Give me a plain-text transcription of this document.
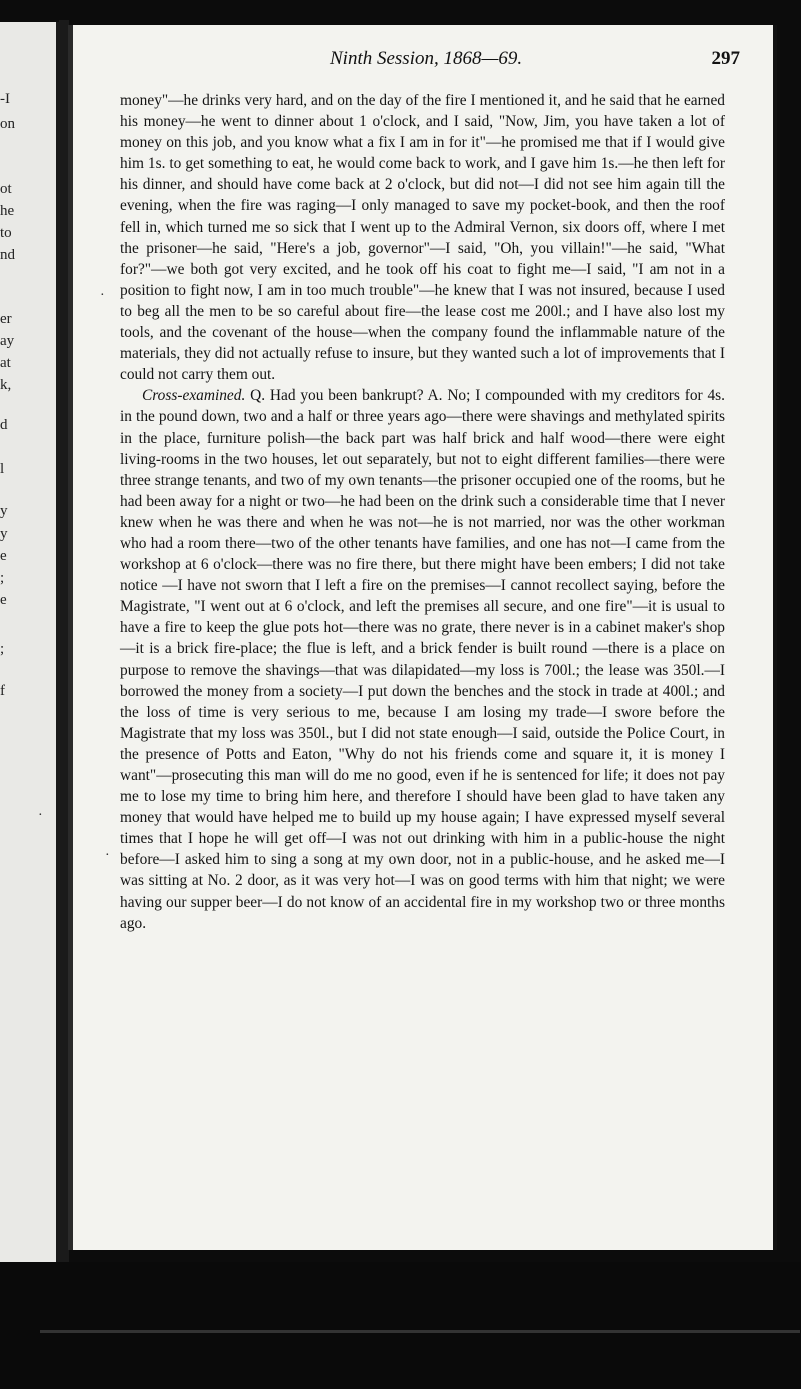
-I
on
ot
he
to
nd
er
ay
at
k,
d
l
y
y
e
;
e
;
f
Ninth Session, 1868—69.	297

money"—he drinks very hard, and on the day of the fire I mentioned it, and he said that he earned his money—he went to dinner about 1 o'clock, and I said, "Now, Jim, you have taken a lot of money on this job, and you know what a fix I am in for it"—he promised me that if I would give him 1s. to get something to eat, he would come back to work, and I gave him 1s.—he then left for his dinner, and should have come back at 2 o'clock, but did not—I did not see him again till the evening, when the fire was raging—I only managed to save my pocket-book, and then the roof fell in, which turned me so sick that I went up to the Admiral Vernon, six doors off, where I met the prisoner—he said, "Here's a job, governor"—I said, "Oh, you villain!"—he said, "What for?"—we both got very excited, and he took off his coat to fight me—I said, "I am not in a position to fight now, I am in too much trouble"—he knew that I was not insured, because I used to beg all the men to be so careful about fire—the lease cost me 200l.; and I have also lost my tools, and the covenant of the house—when the company found the inflammable nature of the materials, they did not actually refuse to insure, but they wanted such a lot of improvements that I could not carry them out.

Cross-examined. Q. Had you been bankrupt? A. No; I compounded with my creditors for 4s. in the pound down, two and a half or three years ago—there were shavings and methylated spirits in the place, furniture polish—the back part was half brick and half wood—there were eight living-rooms in the two houses, let out separately, but not to eight different families—there were three strange tenants, and two of my own tenants—the prisoner occupied one of the rooms, but he had been away for a night or two—he had been on the drink such a considerable time that I never knew when he was there and when he was not—he is not married, nor was the other workman who had a room there—two of the other tenants have families, and one has not—I came from the workshop at 6 o'clock—there was no fire there, but there might have been embers; I did not take notice —I have not sworn that I left a fire on the premises—I cannot recollect saying, before the Magistrate, "I went out at 6 o'clock, and left the premises all secure, and one fire"—it is usual to have a fire to keep the glue pots hot—there was no grate, there never is in a cabinet maker's shop —it is a brick fire-place; the flue is left, and a brick fender is built round —there is a place on purpose to remove the shavings—that was dilapidated—my loss is 700l.; the lease was 350l.—I borrowed the money from a society—I put down the benches and the stock in trade at 400l.; and the loss of time is very serious to me, because I am losing my trade—I swore before the Magistrate that my loss was 350l., but I did not state enough—I said, outside the Police Court, in the presence of Potts and Eaton, "Why do not his friends come and square it, it is money I want"—prosecuting this man will do me no good, even if he is sentenced for life; it does not pay me to lose my time to bring him here, and therefore I should have been glad to have taken any money that would have helped me to build up my house again; I have expressed myself several times that I hope he will get off—I was not out drinking with him in a public-house the night before—I asked him to sing a song at my own door, not in a public-house, and he asked me—I was sitting at No. 2 door, as it was very hot—I was on good terms with him that night; we were having our supper beer—I do not know of an accidental fire in my workshop two or three months ago.

·
·
·
